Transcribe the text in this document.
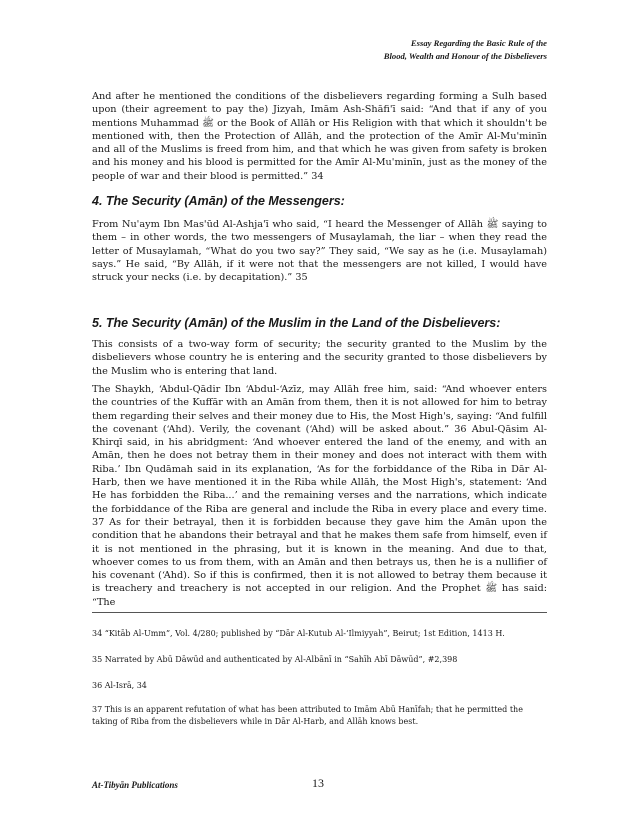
Essay Regarding the Basic Rule of the
Blood, Wealth and Honour of the Disbelievers
And after he mentioned the conditions of the disbelievers regarding forming a Sulh based upon (their agreement to pay the) Jizyah, Imām Ash-Shāfi'ī said: “And that if any of you mentions Muhammad ﷺ or the Book of Allāh or His Religion with that which it shouldn't be mentioned with, then the Protection of Allāh, and the protection of the Amīr Al-Mu'minīn and all of the Muslims is freed from him, and that which he was given from safety is broken and his money and his blood is permitted for the Amīr Al-Mu'minīn, just as the money of the people of war and their blood is permitted.” 34
4. The Security (Amān) of the Messengers:
From Nu'aym Ibn Mas'ūd Al-Ashja'ī who said, “I heard the Messenger of Allāh ﷺ saying to them – in other words, the two messengers of Musaylamah, the liar – when they read the letter of Musaylamah, “What do you two say?” They said, “We say as he (i.e. Musaylamah) says.” He said, “By Allāh, if it were not that the messengers are not killed, I would have struck your necks (i.e. by decapitation).” 35
5. The Security (Amān) of the Muslim in the Land of the Disbelievers:
This consists of a two-way form of security; the security granted to the Muslim by the disbelievers whose country he is entering and the security granted to those disbelievers by the Muslim who is entering that land.
The Shaykh, ‘Abdul-Qādir Ibn ‘Abdul-‘Azīz, may Allāh free him, said: “And whoever enters the countries of the Kuffār with an Amān from them, then it is not allowed for him to betray them regarding their selves and their money due to His, the Most High's, saying: “And fulfill the covenant (‘Ahd). Verily, the covenant (‘Ahd) will be asked about.” 36 Abul-Qāsim Al-Khirqī said, in his abridgment: ‘And whoever entered the land of the enemy, and with an Amān, then he does not betray them in their money and does not interact with them with Riba.’ Ibn Qudāmah said in its explanation, ‘As for the forbiddance of the Riba in Dār Al-Harb, then we have mentioned it in the Riba while Allāh, the Most High's, statement: ‘And He has forbidden the Riba...’ and the remaining verses and the narrations, which indicate the forbiddance of the Riba are general and include the Riba in every place and every time. 37 As for their betrayal, then it is forbidden because they gave him the Amān upon the condition that he abandons their betrayal and that he makes them safe from himself, even if it is not mentioned in the phrasing, but it is known in the meaning. And due to that, whoever comes to us from them, with an Amān and then betrays us, then he is a nullifier of his covenant (‘Ahd). So if this is confirmed, then it is not allowed to betray them because it is treachery and treachery is not accepted in our religion. And the Prophet ﷺ has said: “The
34 “Kitāb Al-Umm”, Vol. 4/280; published by “Dār Al-Kutub Al-‘Ilmiyyah”, Beirut; 1st Edition, 1413 H.
35 Narrated by Abū Dāwūd and authenticated by Al-Albānī in “Sahīh Abī Dāwūd”, #2,398
36 Al-Isrā, 34
37 This is an apparent refutation of what has been attributed to Imām Abū Hanīfah; that he permitted the taking of Riba from the disbelievers while in Dār Al-Harb, and Allāh knows best.
At-Tibyān Publications	13
